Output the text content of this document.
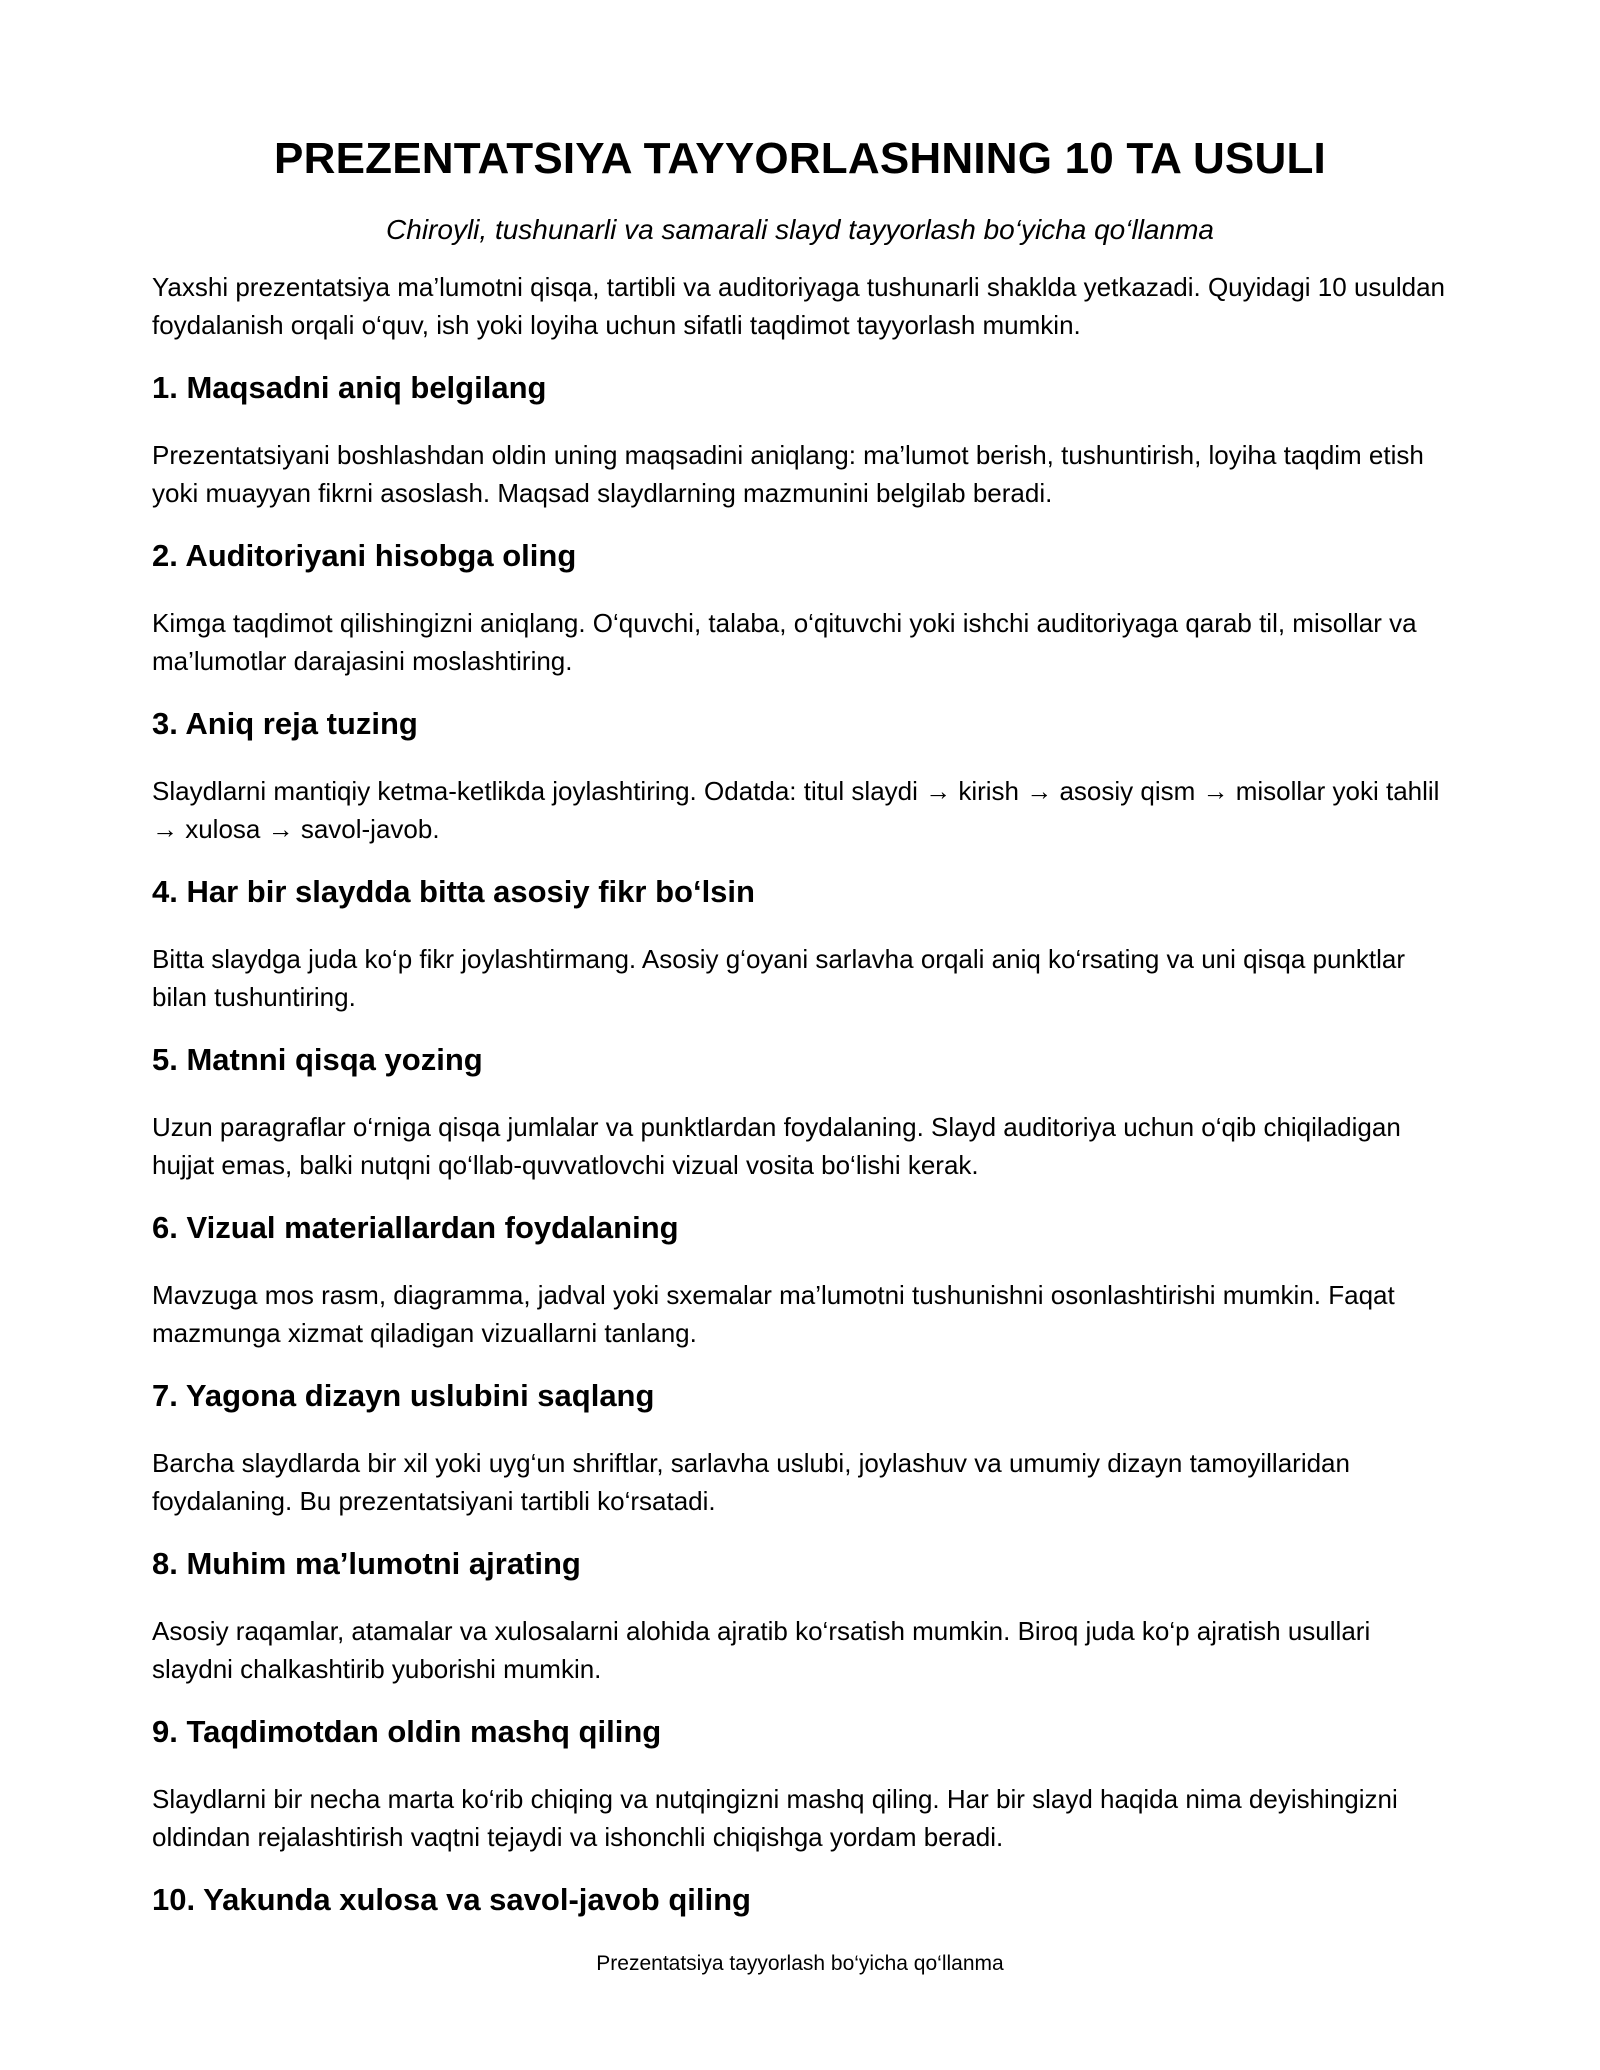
PREZENTATSIYA TAYYORLASHNING 10 TA USULI

Chiroyli, tushunarli va samarali slayd tayyorlash bo‘yicha qo‘llanma

Yaxshi prezentatsiya ma’lumotni qisqa, tartibli va auditoriyaga tushunarli shaklda yetkazadi. Quyidagi 10 usuldan foydalanish orqali o‘quv, ish yoki loyiha uchun sifatli taqdimot tayyorlash mumkin.

1. Maqsadni aniq belgilang

Prezentatsiyani boshlashdan oldin uning maqsadini aniqlang: ma’lumot berish, tushuntirish, loyiha taqdim etish yoki muayyan fikrni asoslash. Maqsad slaydlarning mazmunini belgilab beradi.

2. Auditoriyani hisobga oling

Kimga taqdimot qilishingizni aniqlang. O‘quvchi, talaba, o‘qituvchi yoki ishchi auditoriyaga qarab til, misollar va ma’lumotlar darajasini moslashtiring.

3. Aniq reja tuzing

Slaydlarni mantiqiy ketma-ketlikda joylashtiring. Odatda: titul slaydi → kirish → asosiy qism → misollar yoki tahlil → xulosa → savol-javob.

4. Har bir slaydda bitta asosiy fikr bo‘lsin

Bitta slaydga juda ko‘p fikr joylashtirmang. Asosiy g‘oyani sarlavha orqali aniq ko‘rsating va uni qisqa punktlar bilan tushuntiring.

5. Matnni qisqa yozing

Uzun paragraflar o‘rniga qisqa jumlalar va punktlardan foydalaning. Slayd auditoriya uchun o‘qib chiqiladigan hujjat emas, balki nutqni qo‘llab-quvvatlovchi vizual vosita bo‘lishi kerak.

6. Vizual materiallardan foydalaning

Mavzuga mos rasm, diagramma, jadval yoki sxemalar ma’lumotni tushunishni osonlashtirishi mumkin. Faqat mazmunga xizmat qiladigan vizuallarni tanlang.

7. Yagona dizayn uslubini saqlang

Barcha slaydlarda bir xil yoki uyg‘un shriftlar, sarlavha uslubi, joylashuv va umumiy dizayn tamoyillaridan foydalaning. Bu prezentatsiyani tartibli ko‘rsatadi.

8. Muhim ma’lumotni ajrating

Asosiy raqamlar, atamalar va xulosalarni alohida ajratib ko‘rsatish mumkin. Biroq juda ko‘p ajratish usullari slaydni chalkashtirib yuborishi mumkin.

9. Taqdimotdan oldin mashq qiling

Slaydlarni bir necha marta ko‘rib chiqing va nutqingizni mashq qiling. Har bir slayd haqida nima deyishingizni oldindan rejalashtirish vaqtni tejaydi va ishonchli chiqishga yordam beradi.

10. Yakunda xulosa va savol-javob qiling
Prezentatsiya tayyorlash bo‘yicha qo‘llanma
